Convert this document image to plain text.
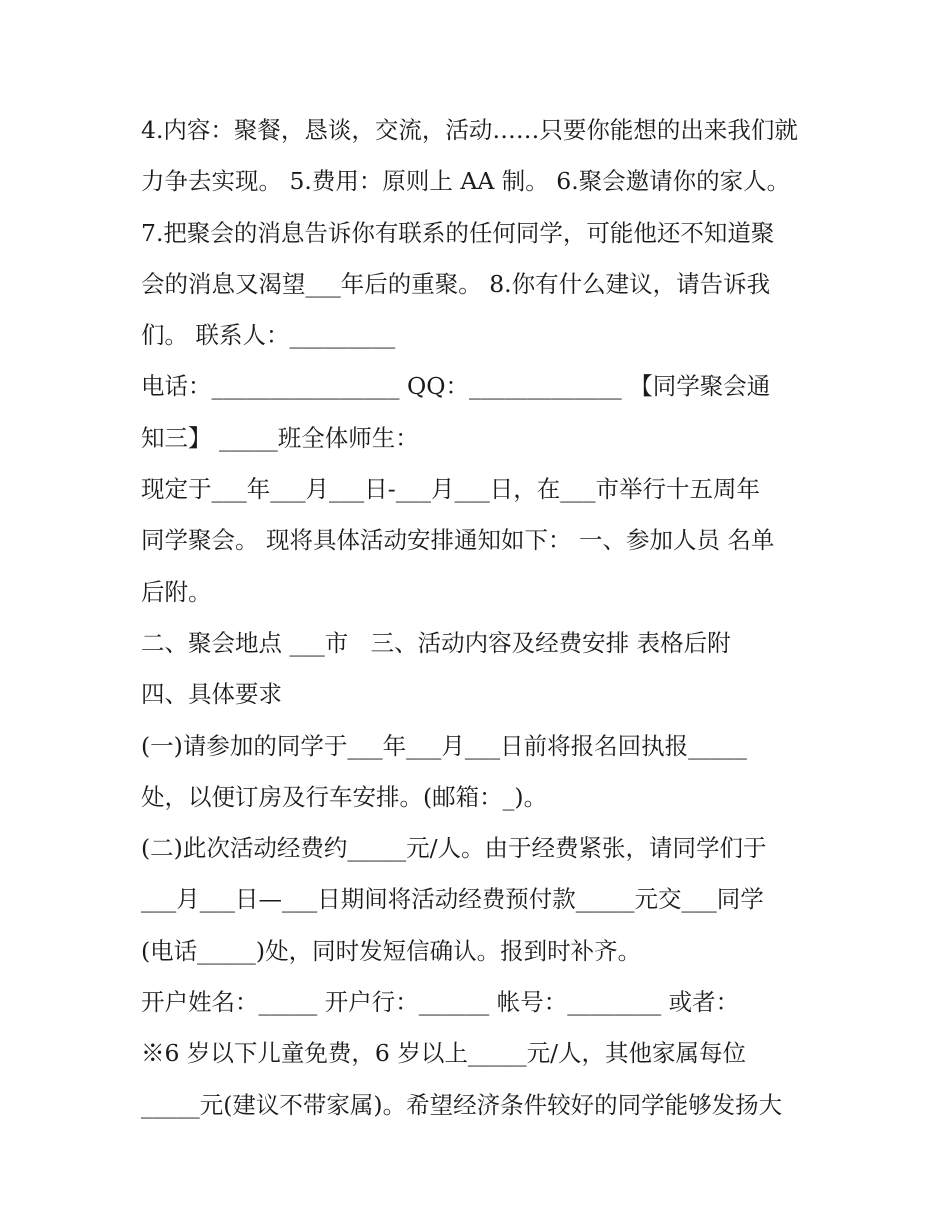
4.内容：聚餐，恳谈，交流，活动……只要你能想的出来我们就
力争去实现。 5.费用：原则上 AA 制。 6.聚会邀请你的家人。
7.把聚会的消息告诉你有联系的任何同学，可能他还不知道聚
会的消息又渴望___年后的重聚。 8.你有什么建议，请告诉我
们。 联系人：_________
电话：________________ QQ：_____________ 【同学聚会通
知三】 _____班全体师生：
现定于___年___月___日-___月___日，在___市举行十五周年
同学聚会。 现将具体活动安排通知如下： 一、参加人员 名单
后附。
二、聚会地点 ___市   三、活动内容及经费安排 表格后附
四、具体要求
(一)请参加的同学于___年___月___日前将报名回执报_____
处，以便订房及行车安排。(邮箱：_)。
(二)此次活动经费约_____元/人。由于经费紧张，请同学们于
___月___日—___日期间将活动经费预付款_____元交___同学
(电话_____)处，同时发短信确认。报到时补齐。
开户姓名：_____ 开户行：______ 帐号：________ 或者：
※6 岁以下儿童免费，6 岁以上_____元/人，其他家属每位
_____元(建议不带家属)。希望经济条件较好的同学能够发扬大
